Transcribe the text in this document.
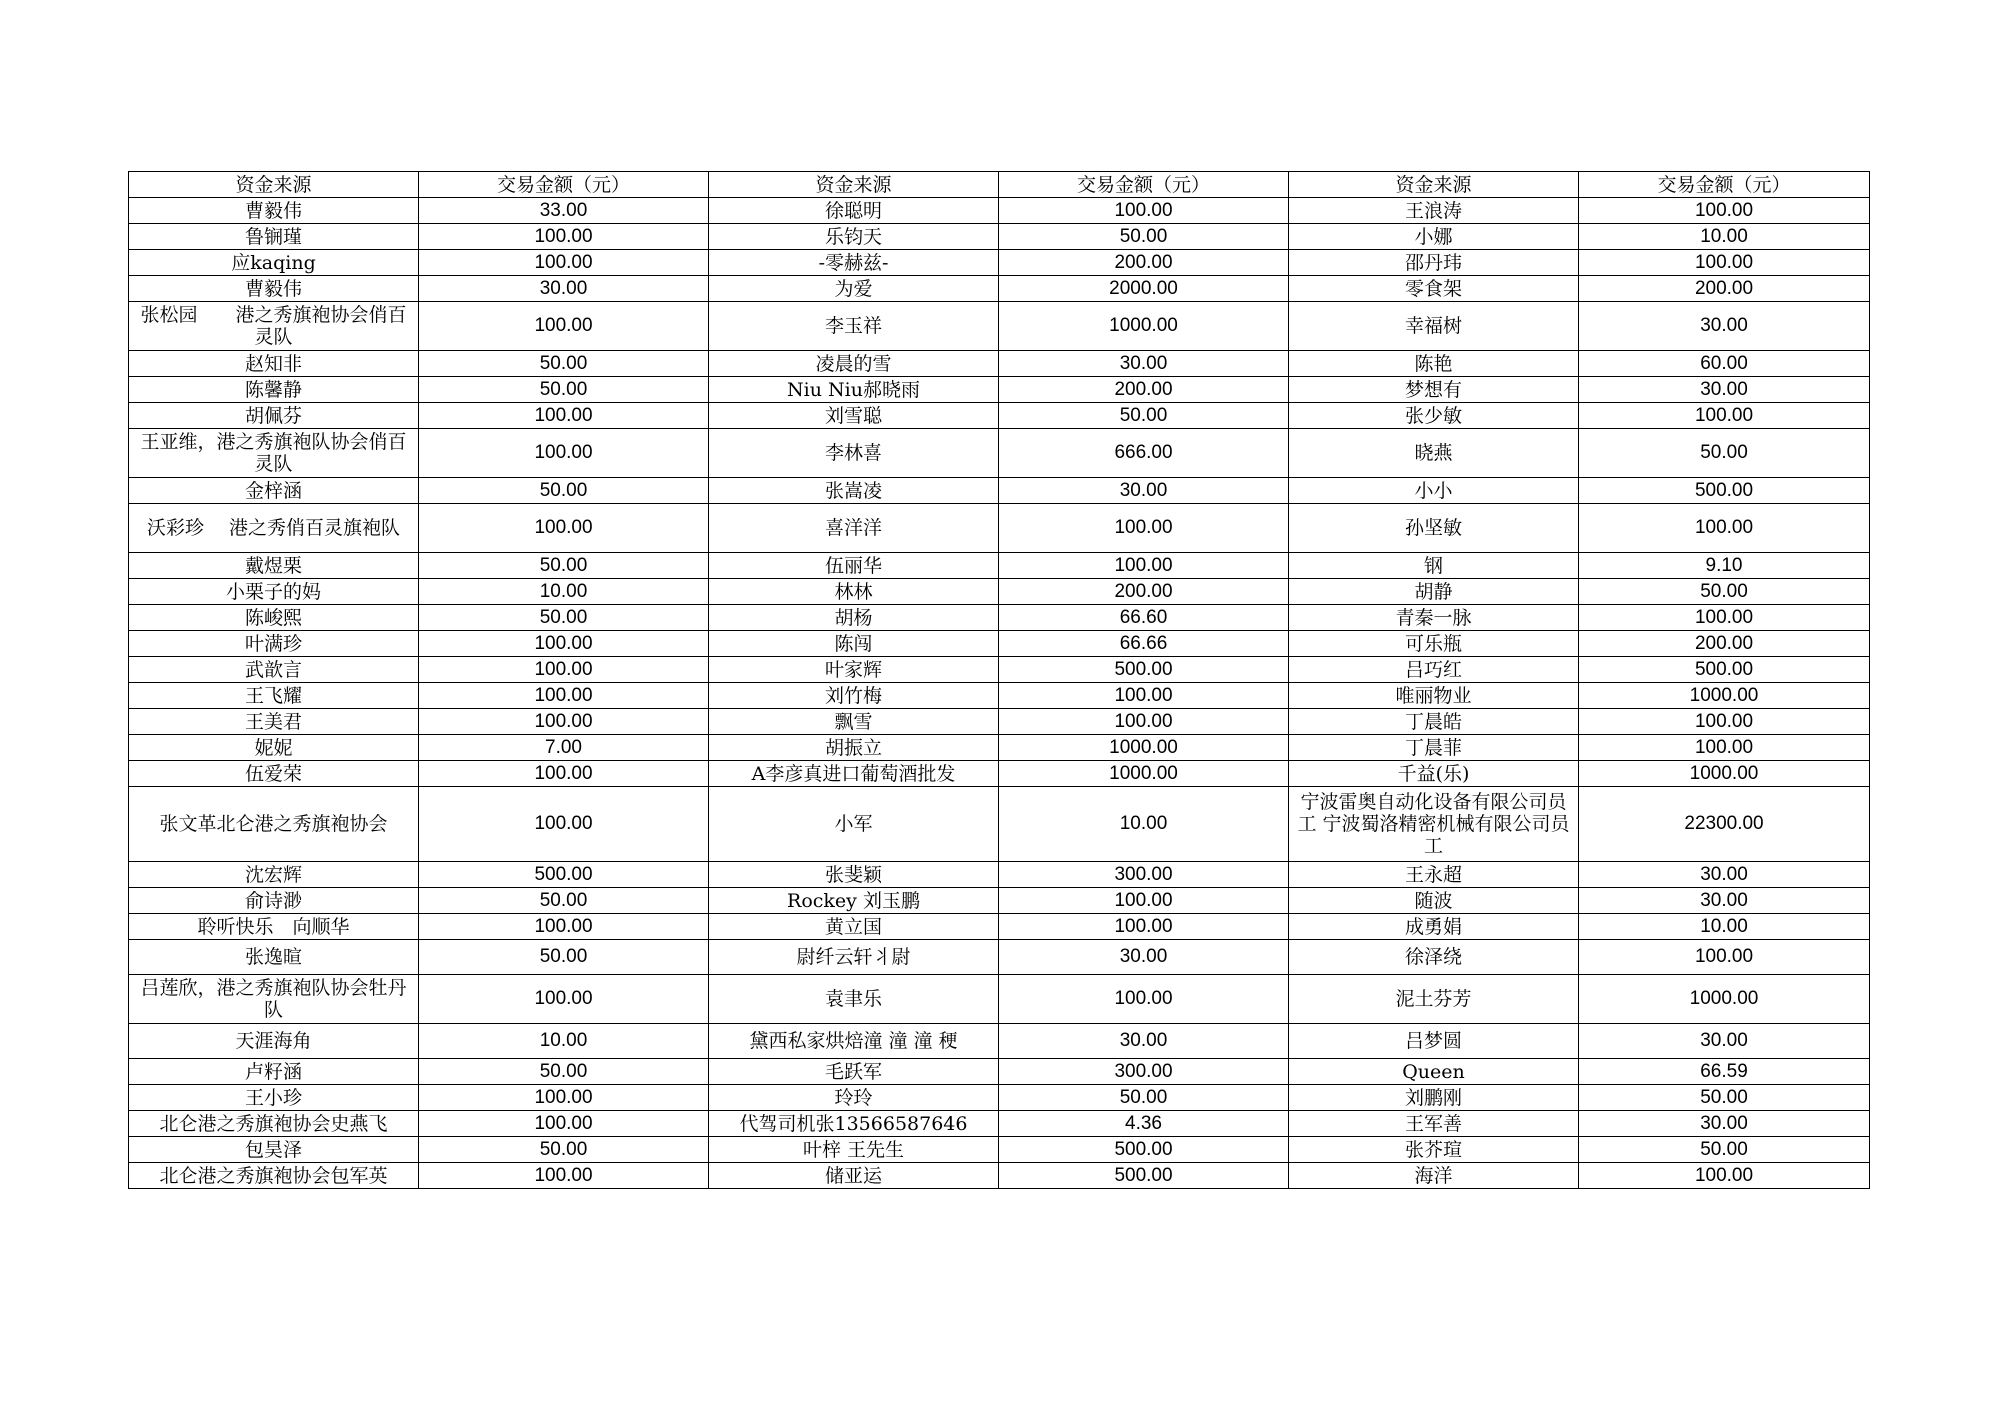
资金来源	交易金额（元）	资金来源	交易金额（元）	资金来源	交易金额（元）
曹毅伟	33.00	徐聪明	100.00	王浪涛	100.00
鲁锎瑾	100.00	乐钧天	50.00	小娜	10.00
应kaqing	100.00	-零赫兹-	200.00	邵丹玮	100.00
曹毅伟	30.00	为爱	2000.00	零食架	200.00
张松园　　港之秀旗袍协会俏百灵队	100.00	李玉祥	1000.00	幸福树	30.00
赵知非	50.00	凌晨的雪	30.00	陈艳	60.00
陈馨静	50.00	Niu Niu郝晓雨	200.00	梦想有	30.00
胡佩芬	100.00	刘雪聪	50.00	张少敏	100.00
王亚维，港之秀旗袍队协会俏百灵队	100.00	李林喜	666.00	晓燕	50.00
金梓涵	50.00	张嵩凌	30.00	小小	500.00
沃彩珍　 港之秀俏百灵旗袍队	100.00	喜洋洋	100.00	孙坚敏	100.00
戴煜栗	50.00	伍丽华	100.00	钢	9.10
小栗子的妈	10.00	林林	200.00	胡静	50.00
陈峻熙	50.00	胡杨	66.60	青秦一脉	100.00
叶满珍	100.00	陈闯	66.66	可乐瓶	200.00
武歆言	100.00	叶家辉	500.00	吕巧红	500.00
王飞耀	100.00	刘竹梅	100.00	唯丽物业	1000.00
王美君	100.00	飘雪	100.00	丁晨皓	100.00
妮妮	7.00	胡振立	1000.00	丁晨菲	100.00
伍爱荣	100.00	A李彦真进口葡萄酒批发	1000.00	千益(乐)	1000.00
张文革北仑港之秀旗袍协会	100.00	小军	10.00	宁波雷奥自动化设备有限公司员工 宁波蜀洛精密机械有限公司员工	22300.00
沈宏辉	500.00	张斐颖	300.00	王永超	30.00
俞诗渺	50.00	Rockey 刘玉鹏	100.00	随波	30.00
聆听快乐　向顺华	100.00	黄立国	100.00	成勇娟	10.00
张逸暄	50.00	尉纤云轩丬尉	30.00	徐泽绕	100.00
吕莲欣，港之秀旗袍队协会牡丹队	100.00	袁聿乐	100.00	泥土芬芳	1000.00
天涯海角	10.00	黛西私家烘焙潼 潼 潼 稉	30.00	吕梦圆	30.00
卢籽涵	50.00	毛跃军	300.00	Queen	66.59
王小珍	100.00	玲玲	50.00	刘鹏刚	50.00
北仑港之秀旗袍协会史燕飞	100.00	代驾司机张13566587646	4.36	王军善	30.00
包昊泽	50.00	叶梓 王先生	500.00	张芥瑄	50.00
北仑港之秀旗袍协会包军英	100.00	储亚运	500.00	海洋	100.00
